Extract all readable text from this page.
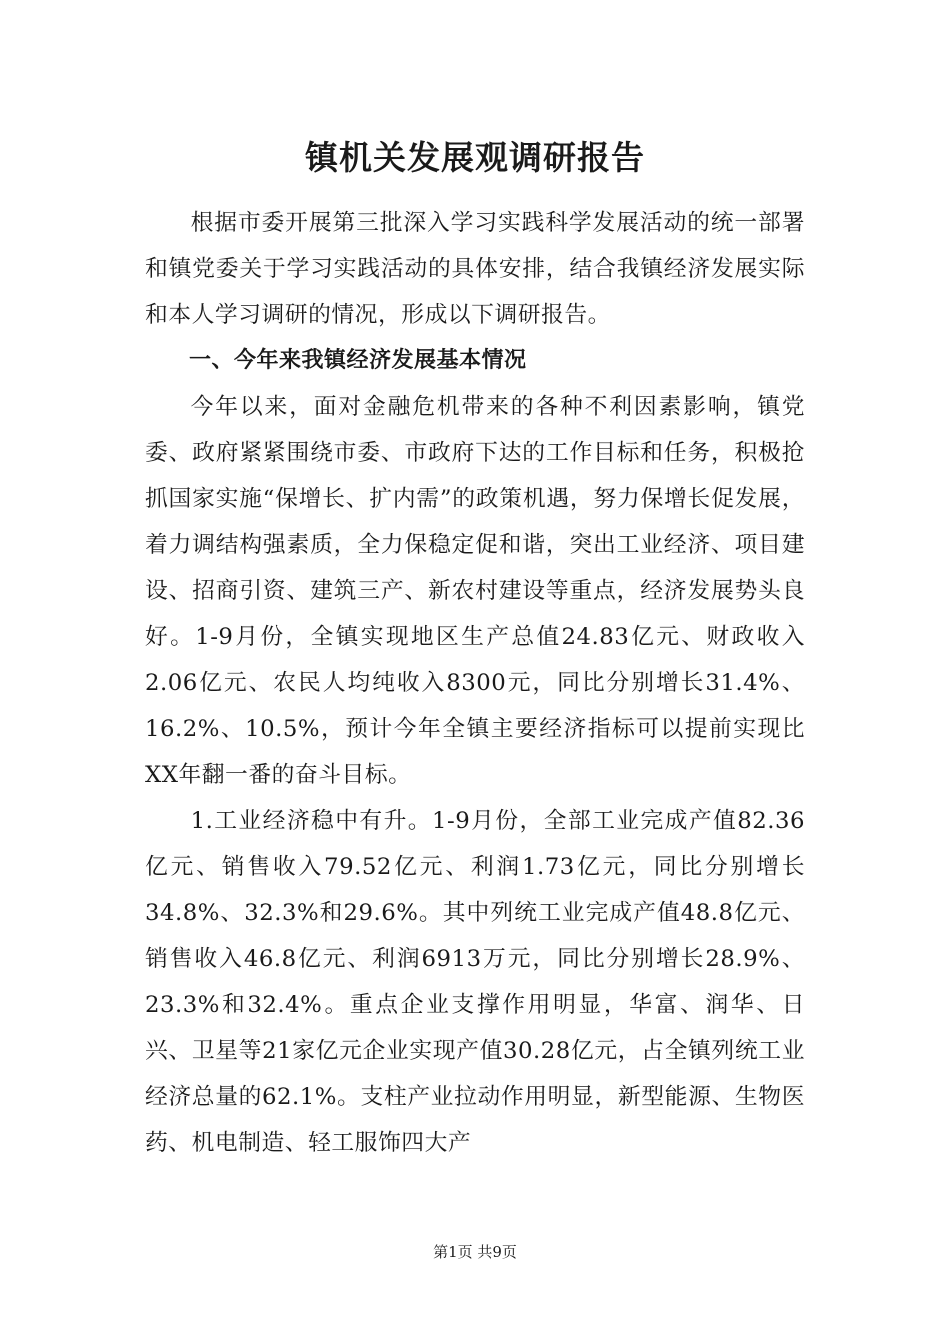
镇机关发展观调研报告

根据市委开展第三批深入学习实践科学发展活动的统一部署和镇党委关于学习实践活动的具体安排，结合我镇经济发展实际和本人学习调研的情况，形成以下调研报告。

一、今年来我镇经济发展基本情况

今年以来，面对金融危机带来的各种不利因素影响，镇党委、政府紧紧围绕市委、市政府下达的工作目标和任务，积极抢抓国家实施“保增长、扩内需”的政策机遇，努力保增长促发展，着力调结构强素质，全力保稳定促和谐，突出工业经济、项目建设、招商引资、建筑三产、新农村建设等重点，经济发展势头良好。1-9月份，全镇实现地区生产总值24.83亿元、财政收入2.06亿元、农民人均纯收入8300元，同比分别增长31.4%、16.2%、10.5%，预计今年全镇主要经济指标可以提前实现比XX年翻一番的奋斗目标。

1.工业经济稳中有升。1-9月份，全部工业完成产值82.36亿元、销售收入79.52亿元、利润1.73亿元，同比分别增长34.8%、32.3%和29.6%。其中列统工业完成产值48.8亿元、销售收入46.8亿元、利润6913万元，同比分别增长28.9%、23.3%和32.4%。重点企业支撑作用明显，华富、润华、日兴、卫星等21家亿元企业实现产值30.28亿元，占全镇列统工业经济总量的62.1%。支柱产业拉动作用明显，新型能源、生物医药、机电制造、轻工服饰四大产

第1页 共9页
